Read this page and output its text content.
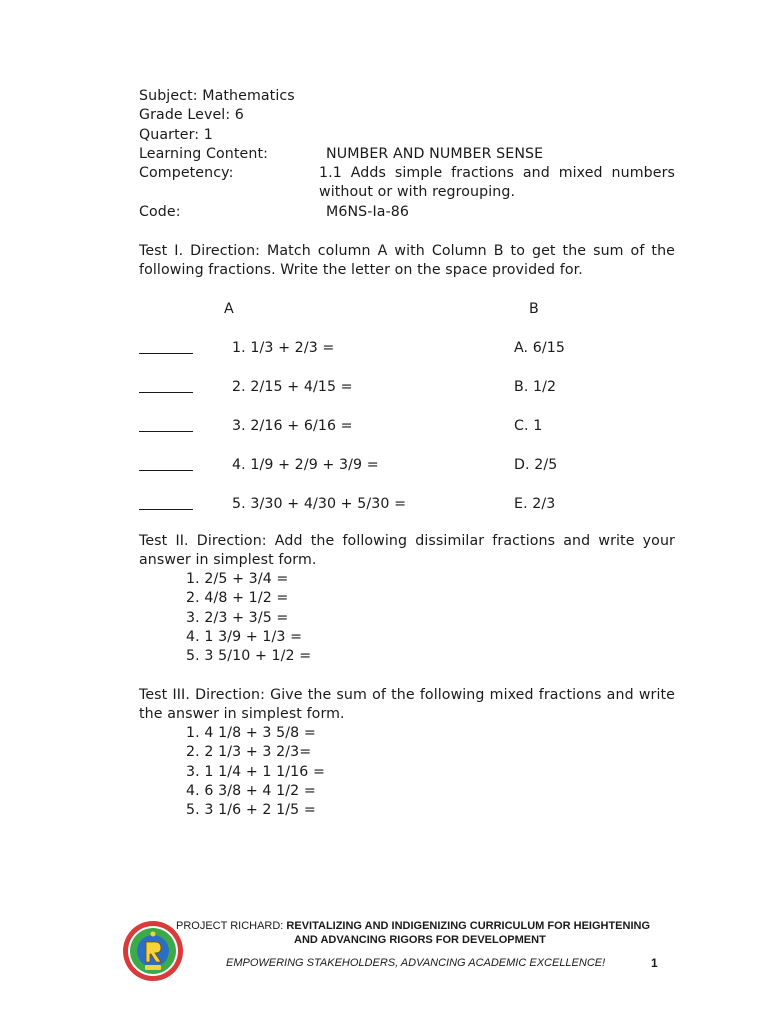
Subject: Mathematics
Grade Level: 6
Quarter: 1
Learning Content:	NUMBER AND NUMBER SENSE
Competency:	1.1 Adds simple fractions and mixed numbers
without or with regrouping.
Code:	M6NS-Ia-86
Test I. Direction: Match column A with Column B to get the sum of the
following fractions. Write the letter on the space provided for.
A	B
1. 1/3 + 2/3 =	A. 6/15
2. 2/15 + 4/15 =	B. 1/2
3. 2/16 + 6/16 =	C. 1
4. 1/9 + 2/9 + 3/9 =	D. 2/5
5. 3/30 + 4/30 + 5/30 =	E. 2/3
Test II. Direction: Add the following dissimilar fractions and write your
answer in simplest form.
1. 2/5 + 3/4 =
2. 4/8 + 1/2 =
3. 2/3 + 3/5 =
4. 1 3/9 + 1/3 =
5. 3 5/10 + 1/2 =
Test III. Direction: Give the sum of the following mixed fractions and write
the answer in simplest form.
1. 4 1/8 + 3 5/8 =
2. 2 1/3 + 3 2/3=
3. 1 1/4 + 1 1/16 =
4. 6 3/8 + 4 1/2 =
5. 3 1/6 + 2 1/5 =
PROJECT RICHARD: REVITALIZING AND INDIGENIZING CURRICULUM FOR HEIGHTENING
AND ADVANCING RIGORS FOR DEVELOPMENT
EMPOWERING STAKEHOLDERS, ADVANCING ACADEMIC EXCELLENCE!	1
